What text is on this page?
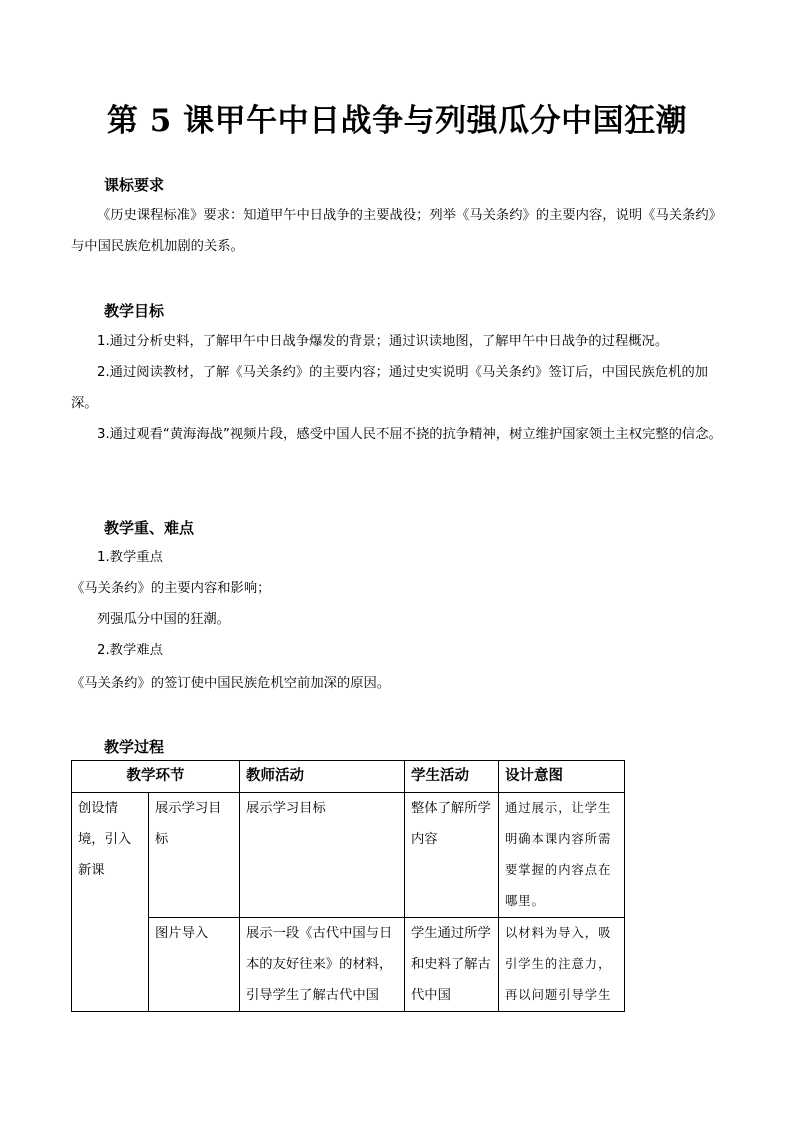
第 5 课甲午中日战争与列强瓜分中国狂潮
课标要求

《历史课程标准》要求：知道甲午中日战争的主要战役；列举《马关条约》的主要内容，说明《马关条约》与中国民族危机加剧的关系。

教学目标

1.通过分析史料，了解甲午中日战争爆发的背景；通过识读地图，了解甲午中日战争的过程概况。

2.通过阅读教材，了解《马关条约》的主要内容；通过史实说明《马关条约》签订后，中国民族危机的加深。

3.通过观看“黄海海战”视频片段，感受中国人民不屈不挠的抗争精神，树立维护国家领土主权完整的信念。

教学重、难点
1.教学重点
《马关条约》的主要内容和影响；
列强瓜分中国的狂潮。
2.教学难点
《马关条约》的签订使中国民族危机空前加深的原因。
教学过程
教学环节		教师活动	学生活动	设计意图
创设情境，引入新课	展示学习目标	展示学习目标	整体了解所学内容	通过展示，让学生明确本课内容所需要掌握的内容点在哪里。
	图片导入	展示一段《古代中国与日本的友好往来》的材料，引导学生了解古代中国	学生通过所学和史料了解古代中国	以材料为导入，吸引学生的注意力，再以问题引导学生
